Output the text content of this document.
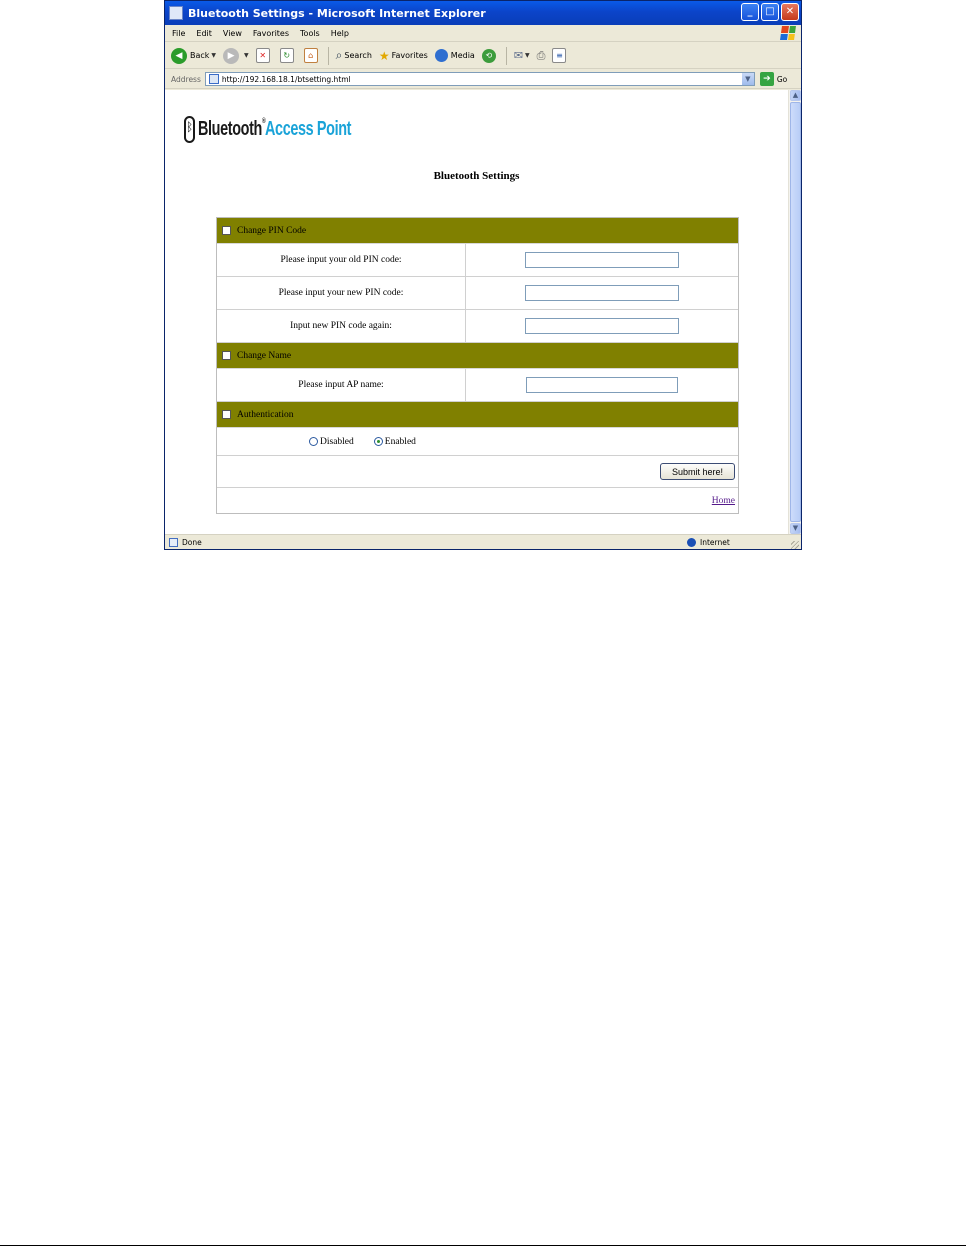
Bluetooth Settings - Microsoft Internet Explorer	_	□	✕
File Edit View Favorites Tools Help
◀ Back ▼	▶	▼	✕	↻	⌂	⌕ Search ★ Favorites	Media	⟲	✉ ▼ ⎙	≡
Address	http://192.168.18.1/btsetting.html	▼	➔ Go
ᛒ
Bluetooth® Access Point
Bluetooth Settings
Change PIN Code
Please input your old PIN code:
Please input your new PIN code:
Input new PIN code again:
Change Name
Please input AP name:
Authentication
Disabled	Enabled
Submit here!
Home
▲
▼
Done	Internet
